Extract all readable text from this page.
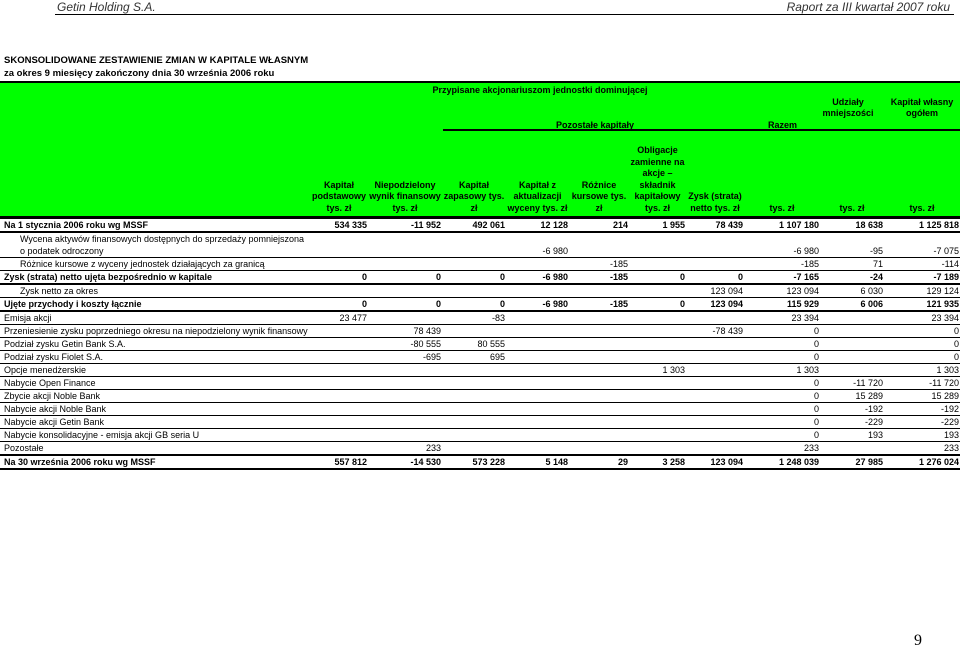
Getin Holding S.A.	Raport za III kwartał 2007 roku
SKONSOLIDOWANE ZESTAWIENIE ZMIAN W KAPITALE WŁASNYM
za okres 9 miesięcy zakończony dnia 30 września 2006 roku
Przypisane akcjonariuszom jednostki dominującej
Pozostałe kapitały	Razem
Udziały mniejszości
Kapitał własny ogółem
Kapitał podstawowy tys. zł
Niepodzielony wynik finansowy tys. zł
Kapitał zapasowy tys. zł
Kapitał z aktualizacji wyceny tys. zł
Różnice kursowe tys. zł
Obligacje zamienne na akcje – składnik kapitałowy tys. zł
Zysk (strata) netto tys. zł	tys. zł	tys. zł	tys. zł
Na 1 stycznia 2006 roku wg MSSF	534 335	-11 952	492 061	12 128	214	1 955	78 439	1 107 180	18 638	1 125 818
Wycena aktywów finansowych dostępnych do sprzedaży pomniejszona o podatek odroczony				-6 980				-6 980	-95	-7 075
Różnice kursowe z wyceny jednostek działających za granicą					-185			-185	71	-114
Zysk (strata) netto ujęta bezpośrednio w kapitale	0	0	0	-6 980	-185	0	0	-7 165	-24	-7 189
Zysk netto za okres							123 094	123 094	6 030	129 124
Ujęte przychody i koszty łącznie	0	0	0	-6 980	-185	0	123 094	115 929	6 006	121 935
Emisja akcji	23 477		-83					23 394		23 394
Przeniesienie zysku poprzedniego okresu na niepodzielony wynik finansowy		78 439					-78 439	0		0
Podział zysku Getin Bank S.A.		-80 555	80 555					0		0
Podział zysku Fiolet S.A.		-695	695					0		0
Opcje menedżerskie						1 303		1 303		1 303
Nabycie Open Finance								0	-11 720	-11 720
Zbycie akcji Noble Bank								0	15 289	15 289
Nabycie akcji Noble Bank								0	-192	-192
Nabycie akcji Getin Bank								0	-229	-229
Nabycie konsolidacyjne - emisja akcji GB seria U								0	193	193
Pozostałe		233						233		233
Na 30 września 2006 roku wg MSSF	557 812	-14 530	573 228	5 148	29	3 258	123 094	1 248 039	27 985	1 276 024
9
